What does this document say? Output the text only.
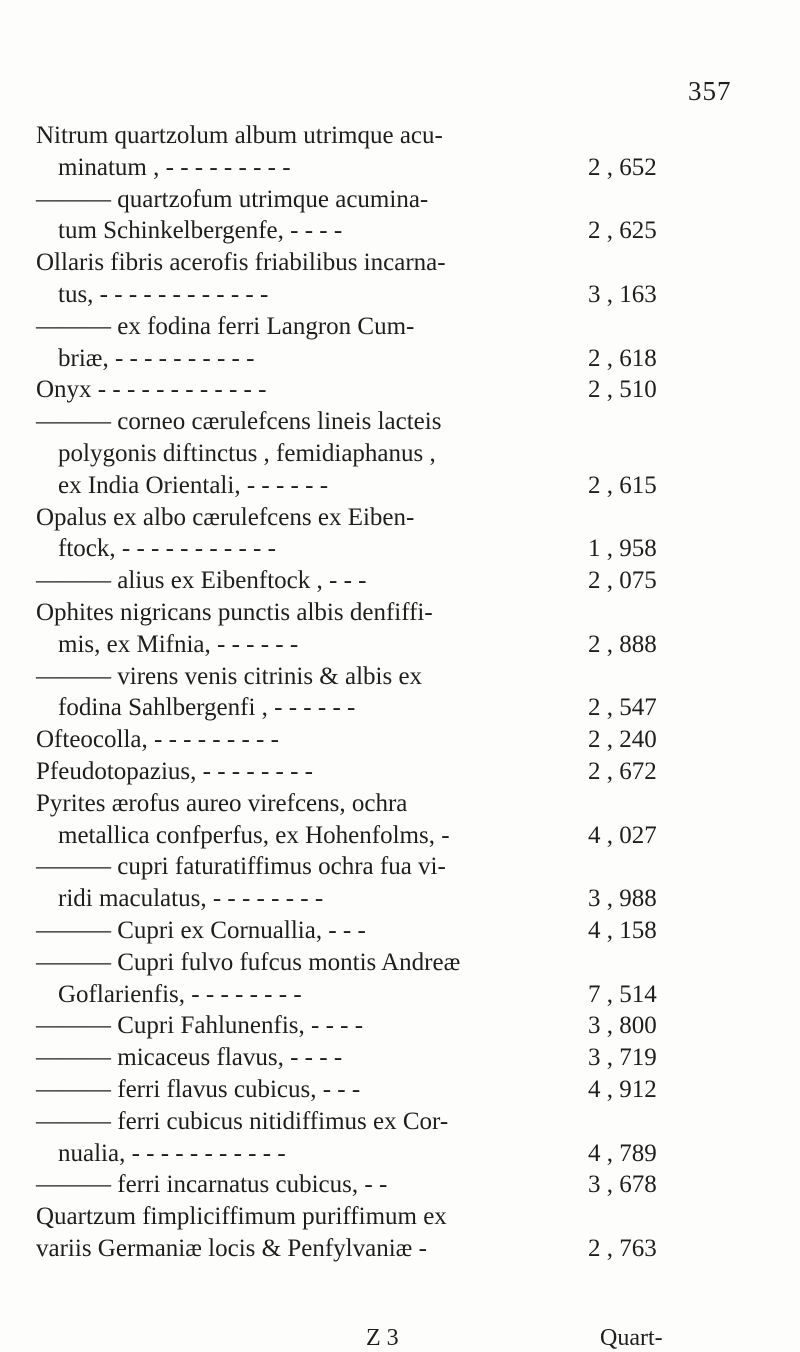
357
Nitrum quartzolum album utrimque acu-
minatum , - - - - - - - - -	2 , 652
——— quartzofum utrimque acumina-
tum Schinkelbergenfe, - - - -	2 , 625
Ollaris fibris acerofis friabilibus incarna-
tus, - - - - - - - - - - - -	3 , 163
——— ex fodina ferri Langron Cum-
briæ, - - - - - - - - - -	2 , 618
Onyx - - - - - - - - - - - -	2 , 510
——— corneo cærulefcens lineis lacteis
polygonis diftinctus , femidiaphanus ,
ex India Orientali, - - - - - -	2 , 615
Opalus ex albo cærulefcens ex Eiben-
ftock, - - - - - - - - - - -	1 , 958
——— alius ex Eibenftock , - - -	2 , 075
Ophites nigricans punctis albis denfiffi-
mis, ex Mifnia, - - - - - -	2 , 888
——— virens venis citrinis & albis ex
fodina Sahlbergenfi , - - - - - -	2 , 547
Ofteocolla, - - - - - - - - -	2 , 240
Pfeudotopazius, - - - - - - - -	2 , 672
Pyrites ærofus aureo virefcens, ochra
metallica confperfus, ex Hohenfolms, -	4 , 027
——— cupri faturatiffimus ochra fua vi-
ridi maculatus, - - - - - - - -	3 , 988
——— Cupri ex Cornuallia, - - -	4 , 158
——— Cupri fulvo fufcus montis Andreæ
Goflarienfis, - - - - - - - -	7 , 514
——— Cupri Fahlunenfis, - - - -	3 , 800
——— micaceus flavus, - - - -	3 , 719
——— ferri flavus cubicus, - - -	4 , 912
——— ferri cubicus nitidiffimus ex Cor-
nualia, - - - - - - - - - - -	4 , 789
——— ferri incarnatus cubicus, - -	3 , 678
Quartzum fimpliciffimum puriffimum ex
variis Germaniæ locis & Penfylvaniæ -	2 , 763
Z 3	Quart-
